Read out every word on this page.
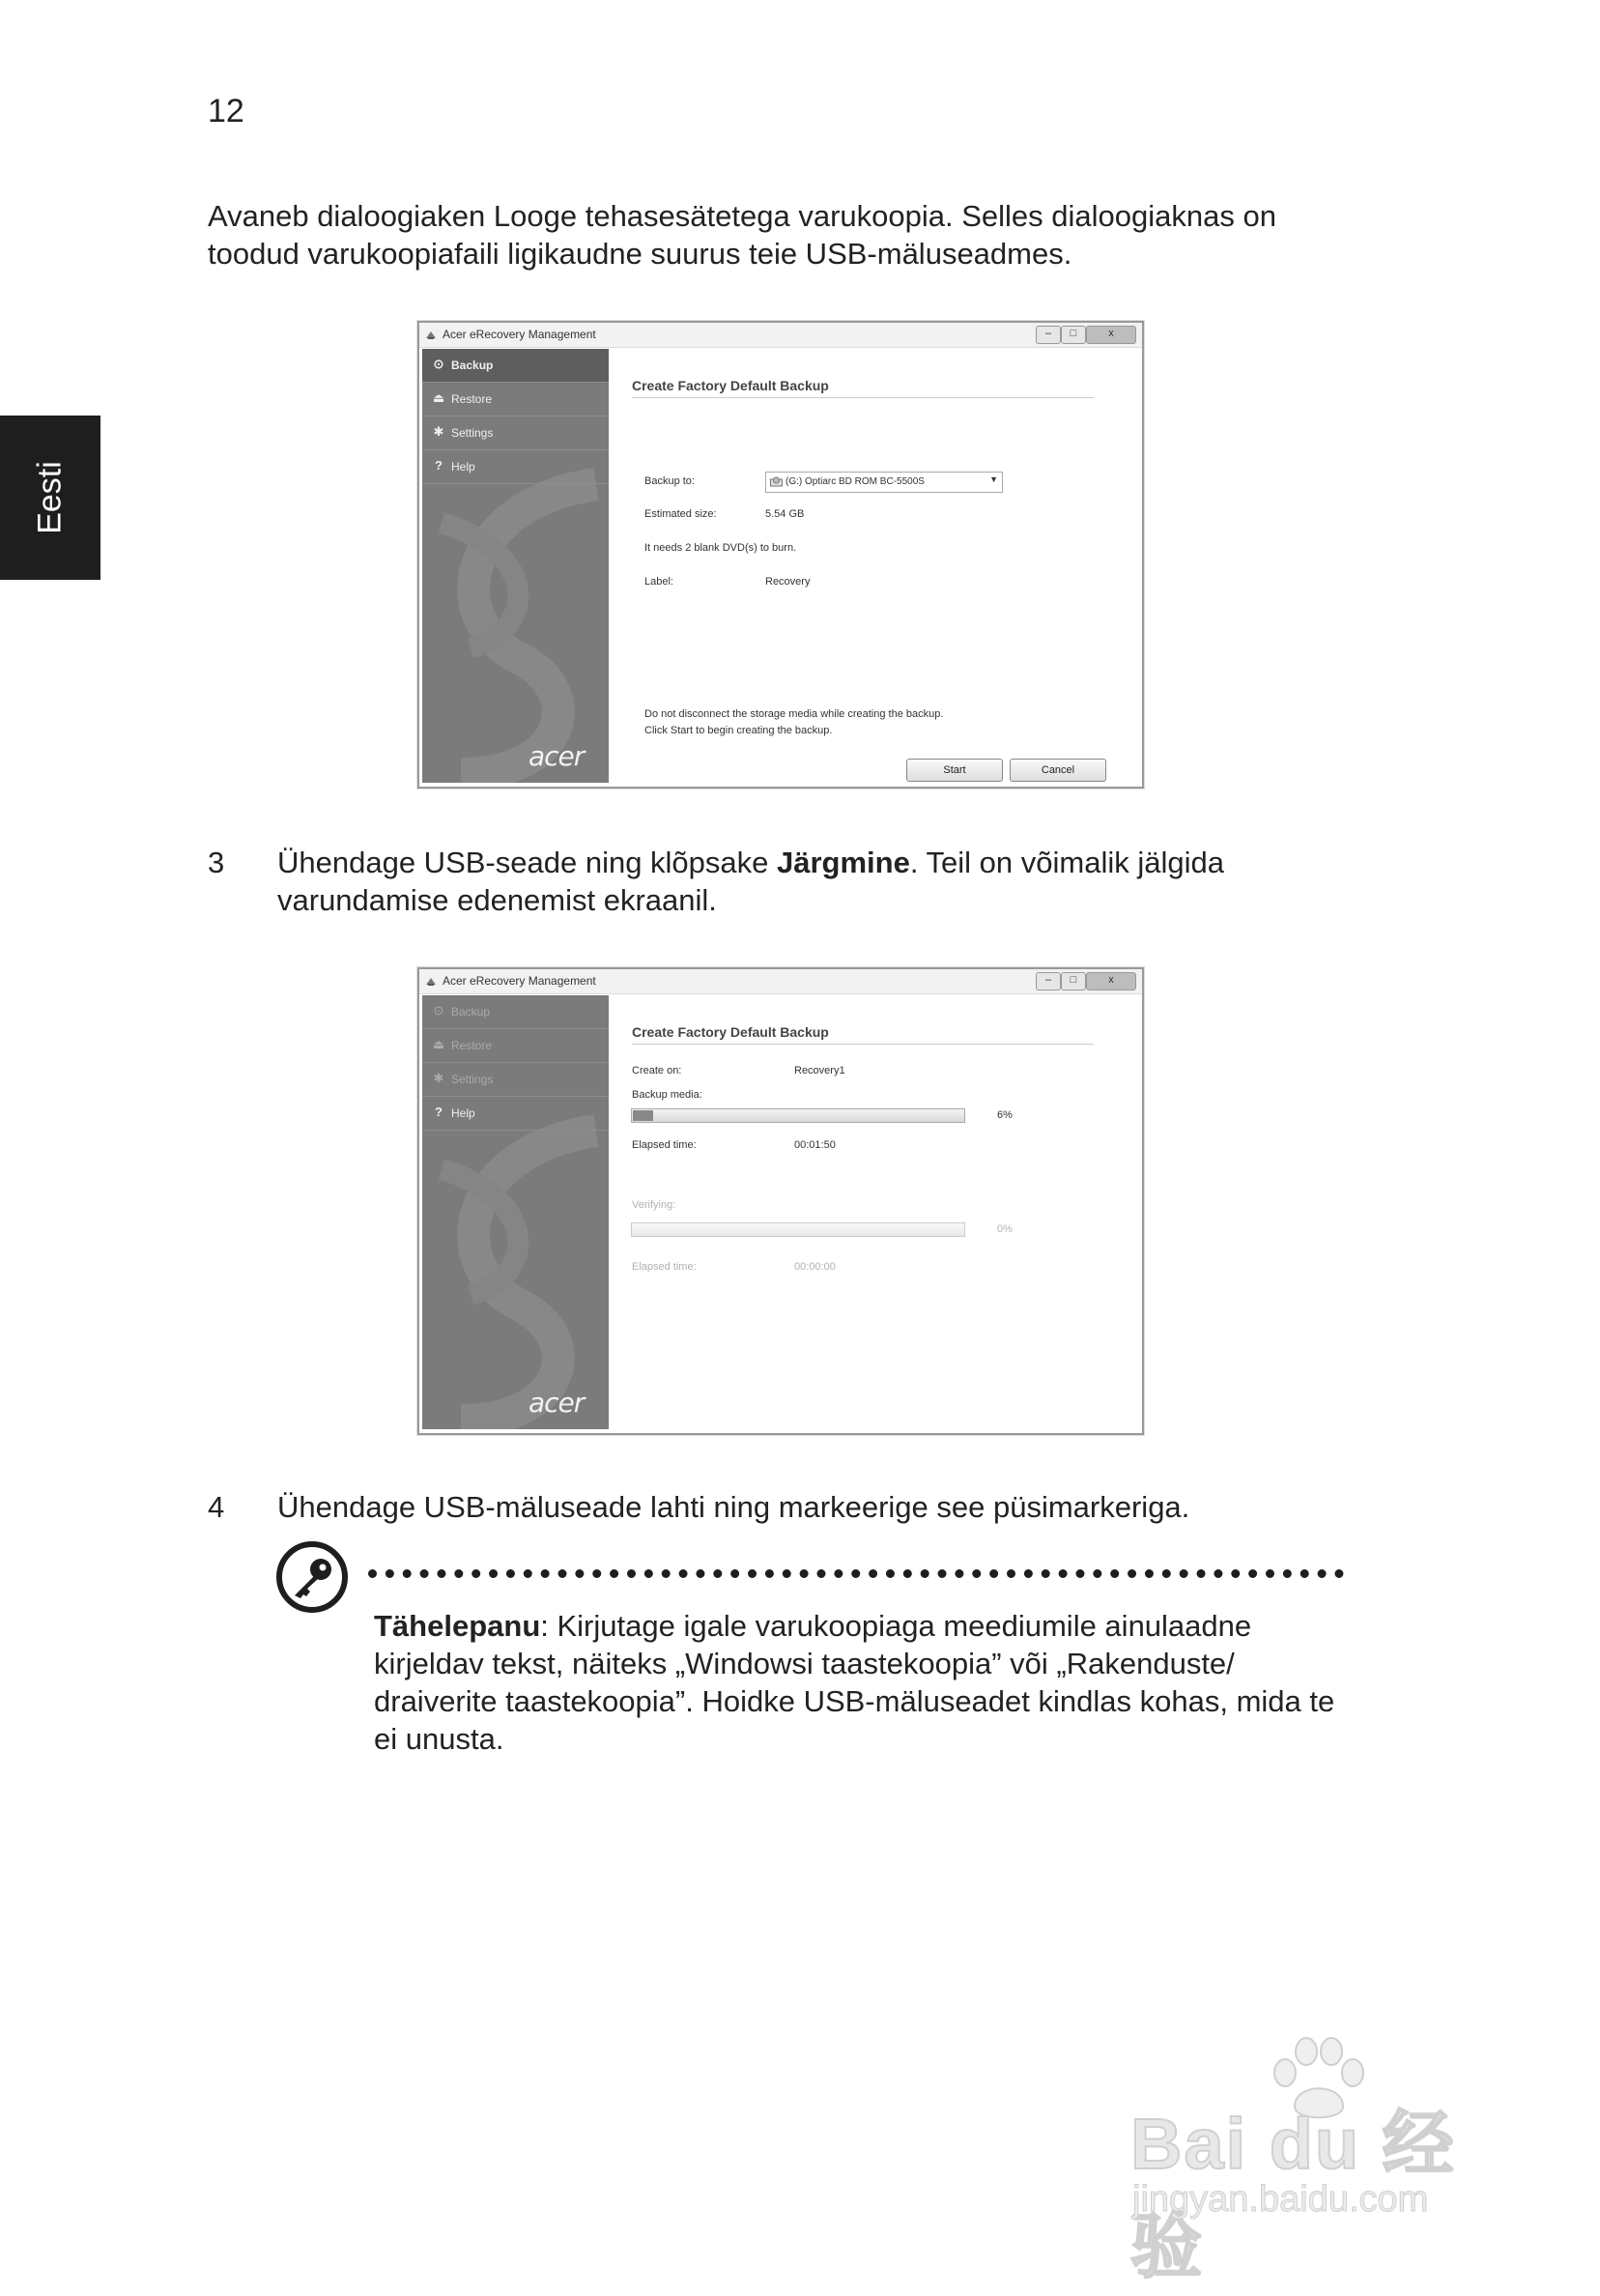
12
Eesti
Avaneb dialoogiaken Looge tehasesätetega varukoopia. Selles dialoogiaknas on toodud varukoopiafaili ligikaudne suurus teie USB-mäluseadmes.
Acer eRecovery Management	–	□	x
⊙ Backup
⏏ Restore
✱ Settings
? Help
acer
Create Factory Default Backup
Backup to:	(G:) Optiarc BD ROM BC-5500S	▼
Estimated size:	5.54 GB
It needs 2 blank DVD(s) to burn.
Label:	Recovery
Do not disconnect the storage media while creating the backup.
Click Start to begin creating the backup.
Start	Cancel
3 Ühendage USB-seade ning klõpsake Järgmine. Teil on võimalik jälgida varundamise edenemist ekraanil.
Acer eRecovery Management	–	□	x
⊙ Backup
⏏ Restore
✱ Settings
? Help
acer
Create Factory Default Backup
Create on:	Recovery1
Backup media:
6%
Elapsed time:	00:01:50
Verifying:
0%
Elapsed time:	00:00:00
4 Ühendage USB-mäluseade lahti ning markeerige see püsimarkeriga.
Tähelepanu: Kirjutage igale varukoopiaga meediumile ainulaadne kirjeldav tekst, näiteks „Windowsi taastekoopia” või „Rakenduste/ draiverite taastekoopia”. Hoidke USB-mäluseadet kindlas kohas, mida te ei unusta.
Bai du 经验
jingyan.baidu.com
